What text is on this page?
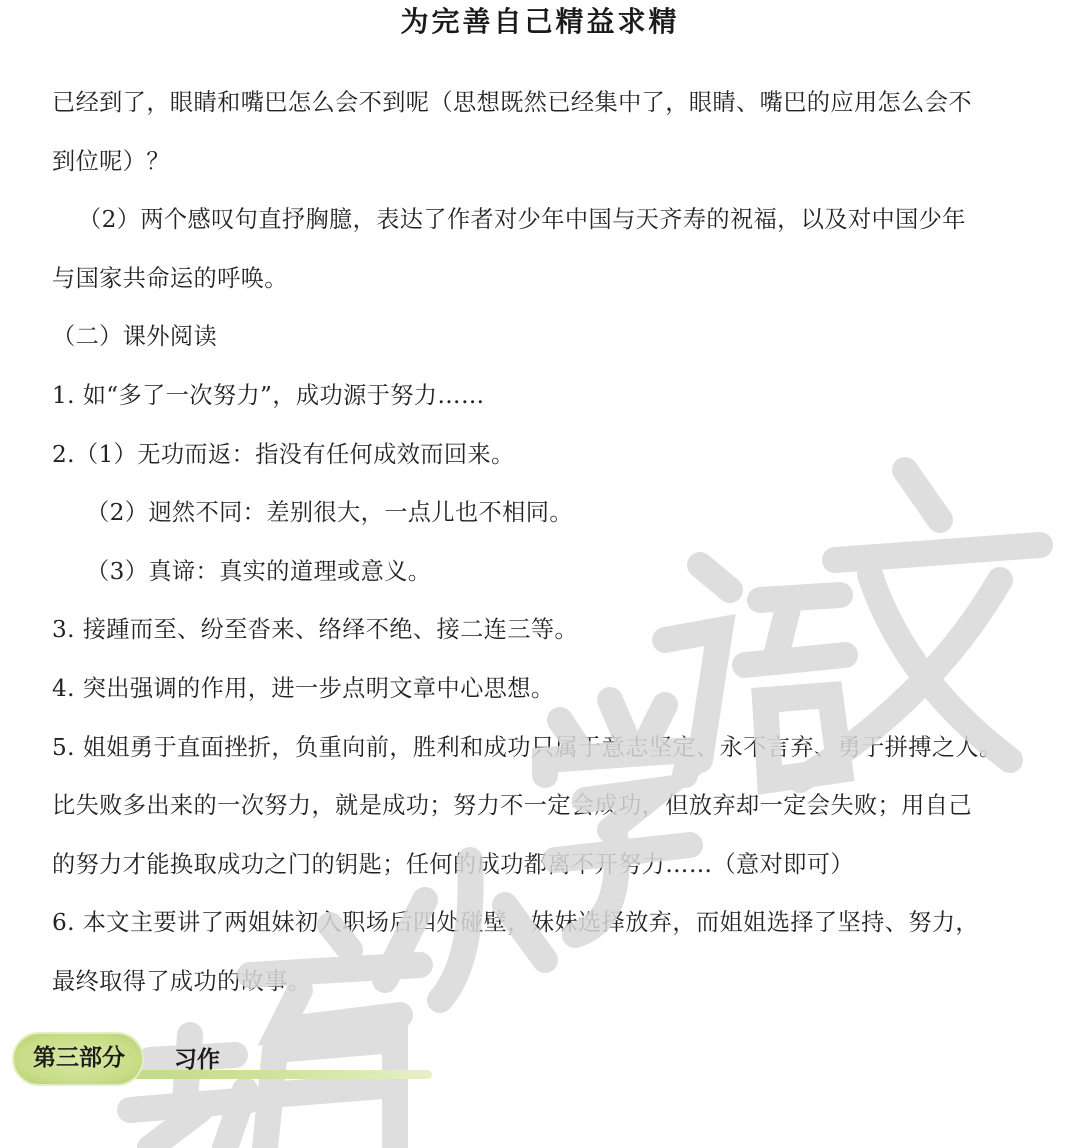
为完善自己精益求精
已经到了，眼睛和嘴巴怎么会不到呢（思想既然已经集中了，眼睛、嘴巴的应用怎么会不
到位呢）？
（2）两个感叹句直抒胸臆，表达了作者对少年中国与天齐寿的祝福，以及对中国少年
与国家共命运的呼唤。
（二）课外阅读
1. 如“多了一次努力”，成功源于努力……
2.（1）无功而返：指没有任何成效而回来。
（2）迥然不同：差别很大，一点儿也不相同。
（3）真谛：真实的道理或意义。
3. 接踵而至、纷至沓来、络绎不绝、接二连三等。
4. 突出强调的作用，进一步点明文章中心思想。
5. 姐姐勇于直面挫折，负重向前，胜利和成功只属于意志坚定、永不言弃、勇于拼搏之人。
比失败多出来的一次努力，就是成功；努力不一定会成功，但放弃却一定会失败；用自己
的努力才能换取成功之门的钥匙；任何的成功都离不开努力……（意对即可）
6. 本文主要讲了两姐妹初入职场后四处碰壁，妹妹选择放弃，而姐姐选择了坚持、努力，
最终取得了成功的故事。
第三部分	习作
